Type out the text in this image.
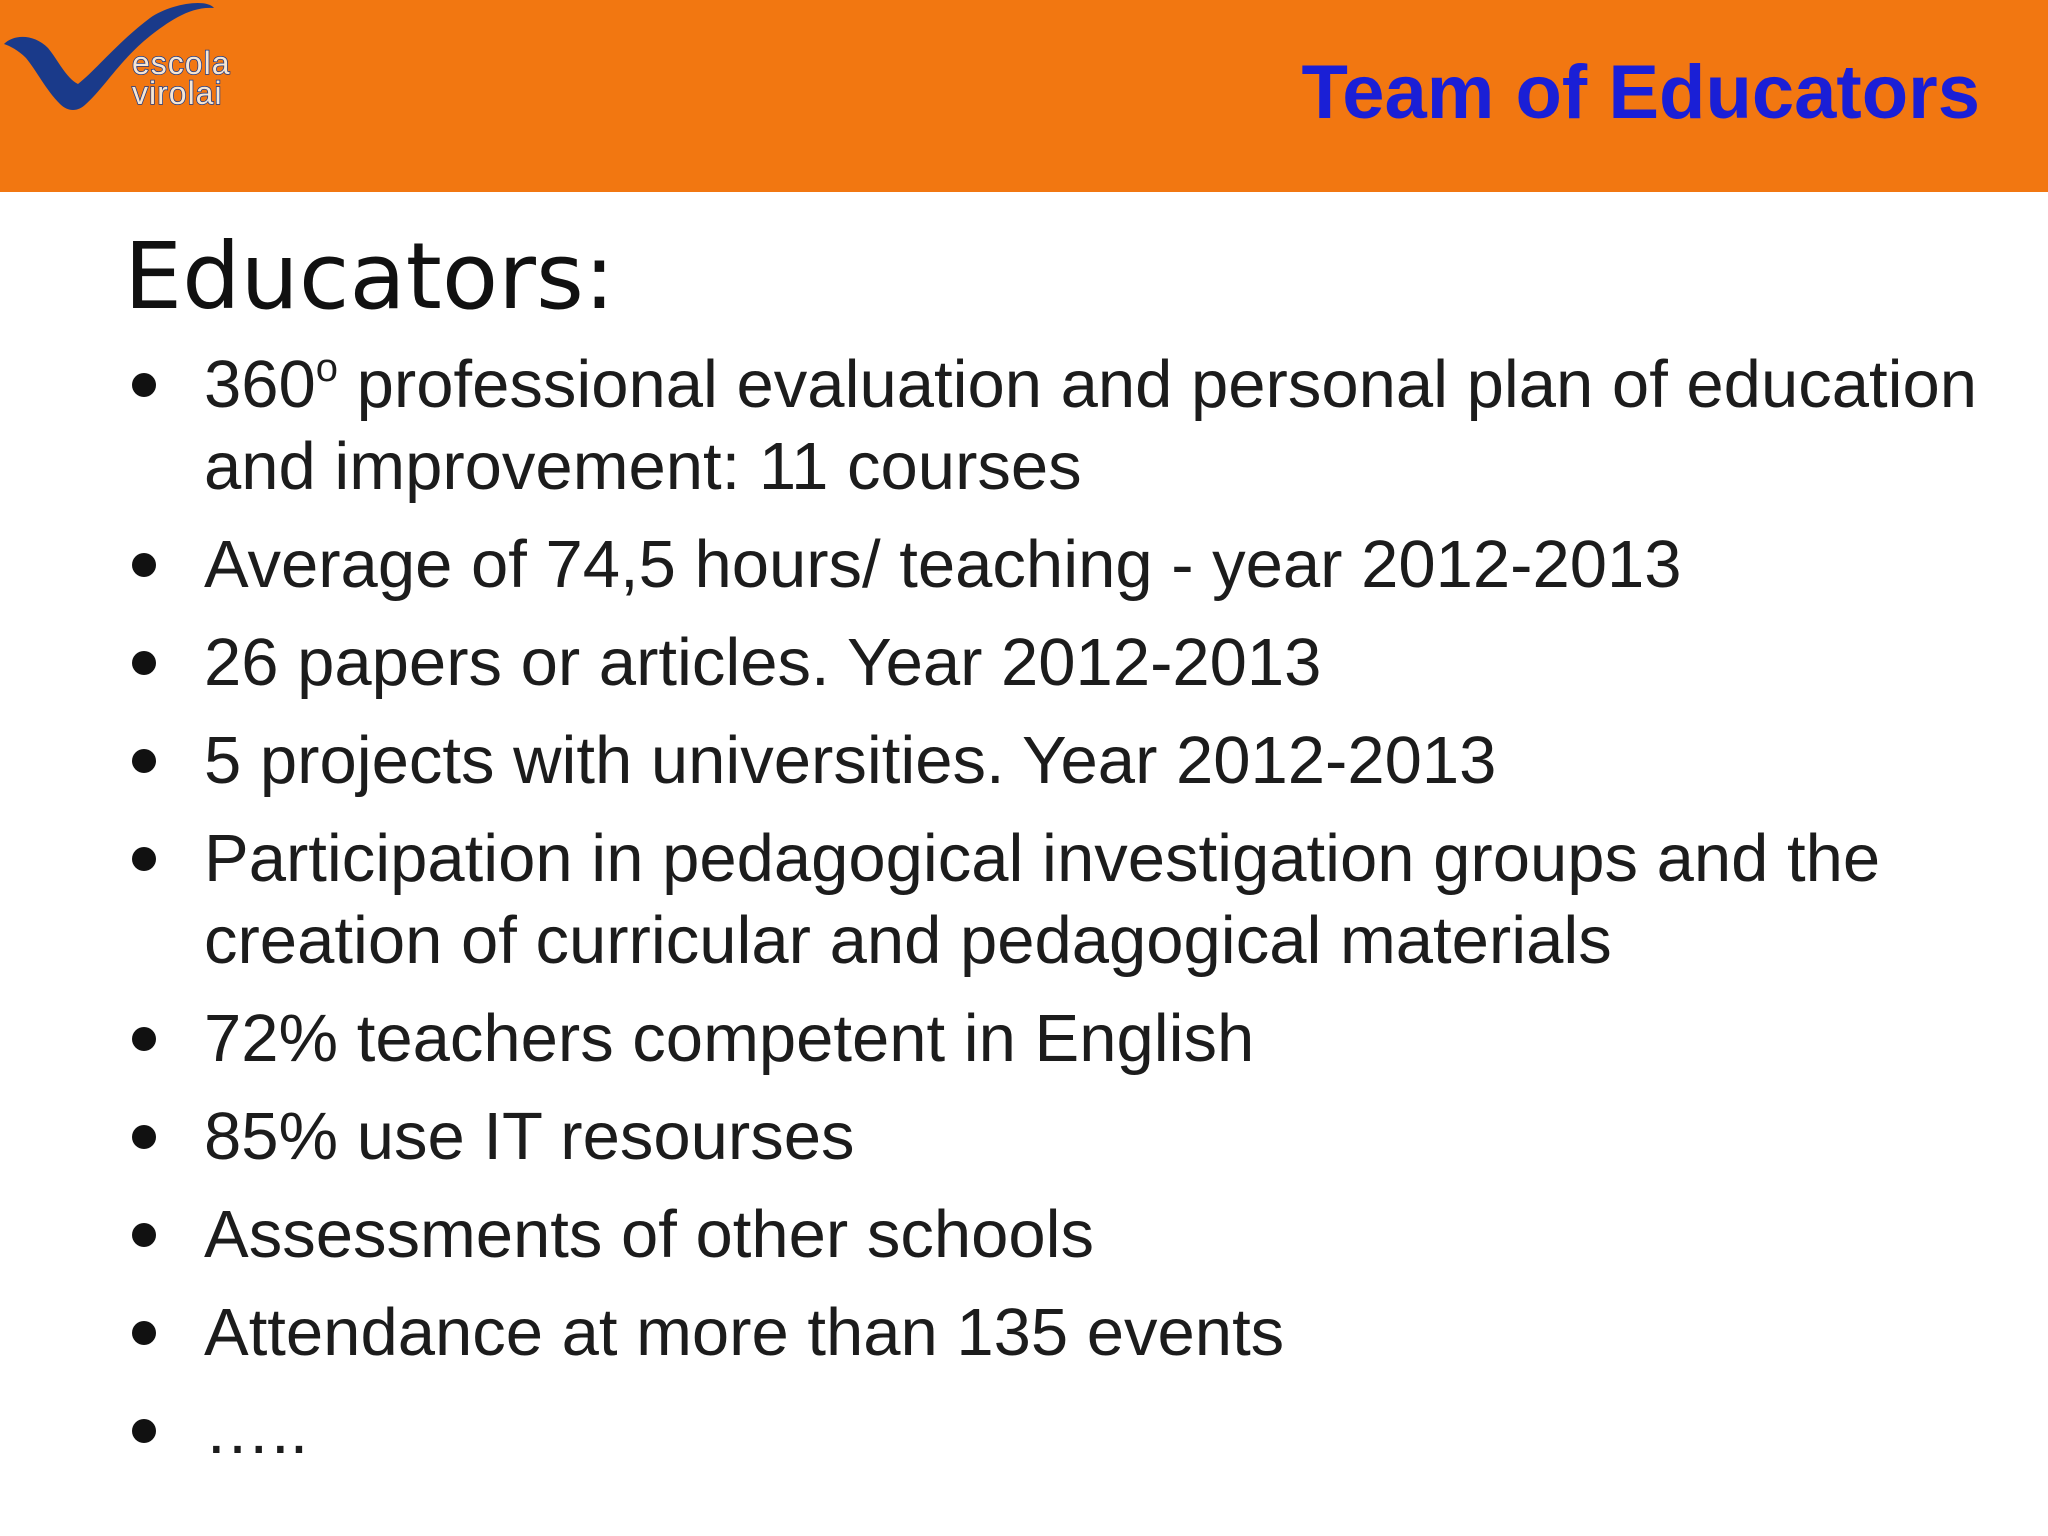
escola
virolai	Team of Educators
Educators:
360$^o$ professional evaluation and personal plan of education and improvement: 11 courses
Average of 74,5 hours/ teaching - year 2012-2013
26 papers or articles. Year 2012-2013
5 projects with universities. Year 2012-2013
Participation in pedagogical investigation groups and the creation of curricular and pedagogical materials
72% teachers competent in English
85% use IT resourses
Assessments of other schools
Attendance at more than 135 events
…..
